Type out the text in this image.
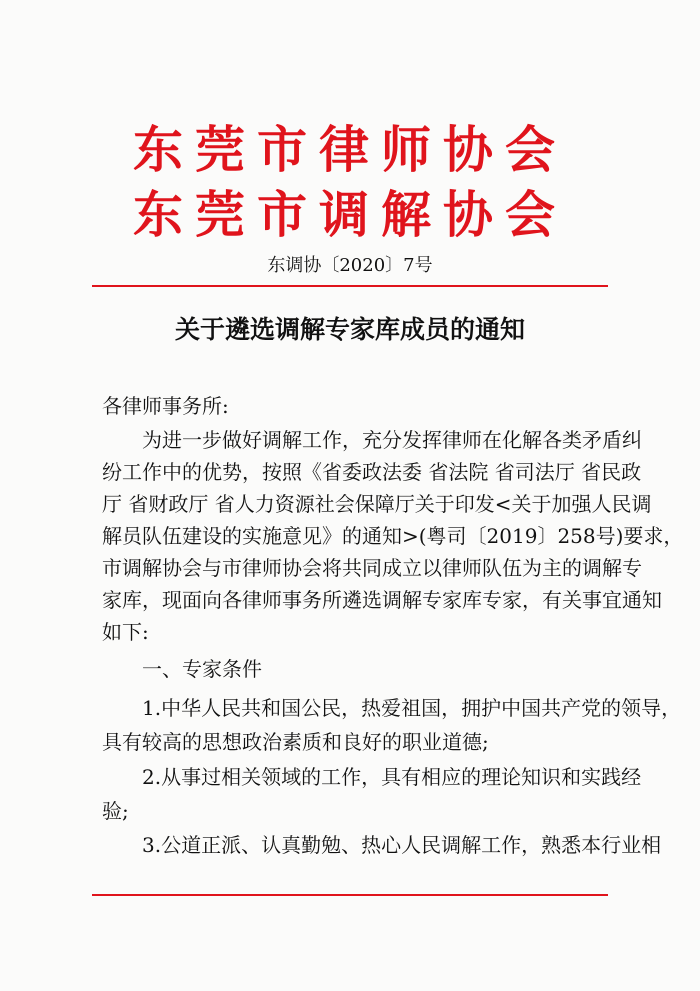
东莞市律师协会
东莞市调解协会
东调协〔2020〕7号
关于遴选调解专家库成员的通知
各律师事务所:
为进一步做好调解工作，充分发挥律师在化解各类矛盾纠
纷工作中的优势，按照《省委政法委 省法院 省司法厅 省民政
厅 省财政厅 省人力资源社会保障厅关于印发<关于加强人民调
解员队伍建设的实施意见》的通知>(粤司〔2019〕258号)要求，
市调解协会与市律师协会将共同成立以律师队伍为主的调解专
家库，现面向各律师事务所遴选调解专家库专家，有关事宜通知
如下:
一、专家条件
1.中华人民共和国公民，热爱祖国，拥护中国共产党的领导，
具有较高的思想政治素质和良好的职业道德;
2.从事过相关领域的工作，具有相应的理论知识和实践经
验;
3.公道正派、认真勤勉、热心人民调解工作，熟悉本行业相
